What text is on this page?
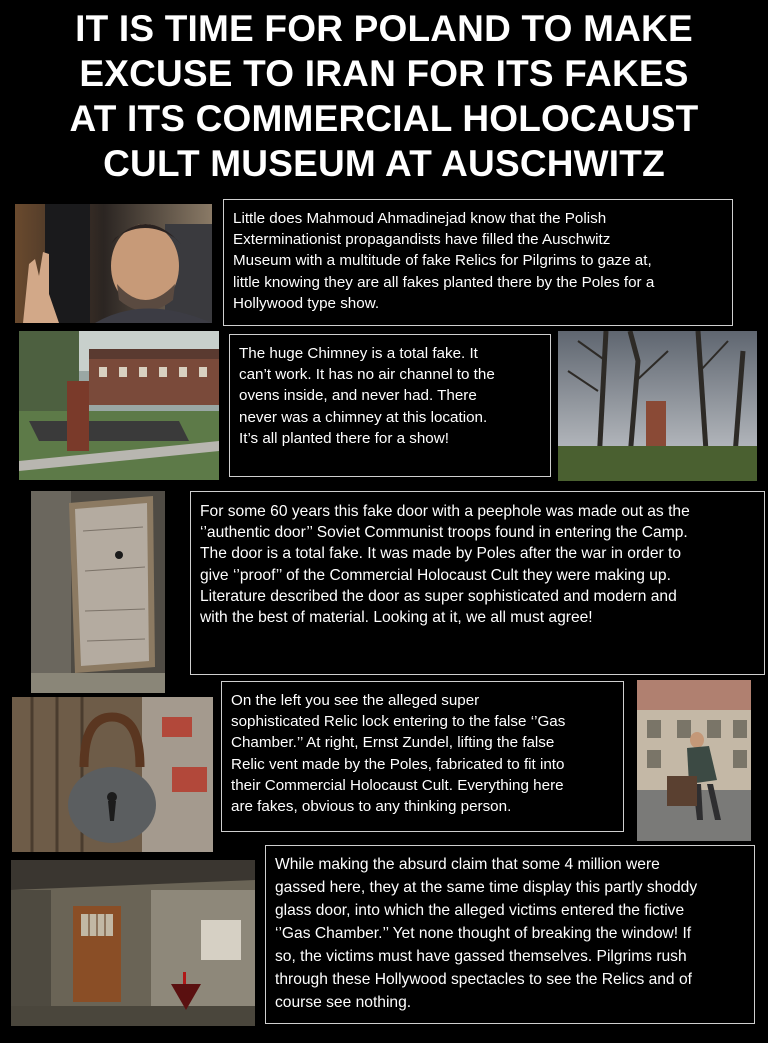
IT IS TIME FOR POLAND TO MAKE
EXCUSE TO IRAN FOR ITS FAKES
AT ITS COMMERCIAL HOLOCAUST
CULT MUSEUM AT AUSCHWITZ
Little does Mahmoud Ahmadinejad know that the Polish
Exterminationist propagandists have filled the Auschwitz
Museum with a multitude of fake Relics for Pilgrims to gaze at,
little knowing they are all fakes planted there by the Poles for a
Hollywood type show.
The huge Chimney is a total fake. It
can’t work. It has no air channel to the
ovens inside, and never had. There
never was a chimney at this location.
It’s all planted there for a show!
For some 60 years this fake door with a peephole was made out as the
‘’authentic door’’ Soviet Communist troops found in entering the Camp.
The door is a total fake. It was made by Poles after the war in order to
give ‘’proof’’ of the Commercial Holocaust Cult they were making up.
Literature described the door as super sophisticated and modern and
with the best of material. Looking at it, we all must agree!
On the left you see the alleged super
sophisticated Relic lock entering to the false ‘’Gas
Chamber.’’ At right, Ernst Zundel, lifting the false
Relic vent made by the Poles, fabricated to fit into
their Commercial Holocaust Cult. Everything here
are fakes, obvious to any thinking person.
While making the absurd claim that some 4 million were
gassed here, they at the same time display this partly shoddy
glass door, into which the alleged victims entered the fictive
‘’Gas Chamber.’’ Yet none thought of breaking the window! If
so, the victims must have gassed themselves. Pilgrims rush
through these Hollywood spectacles to see the Relics and of
course see nothing.
